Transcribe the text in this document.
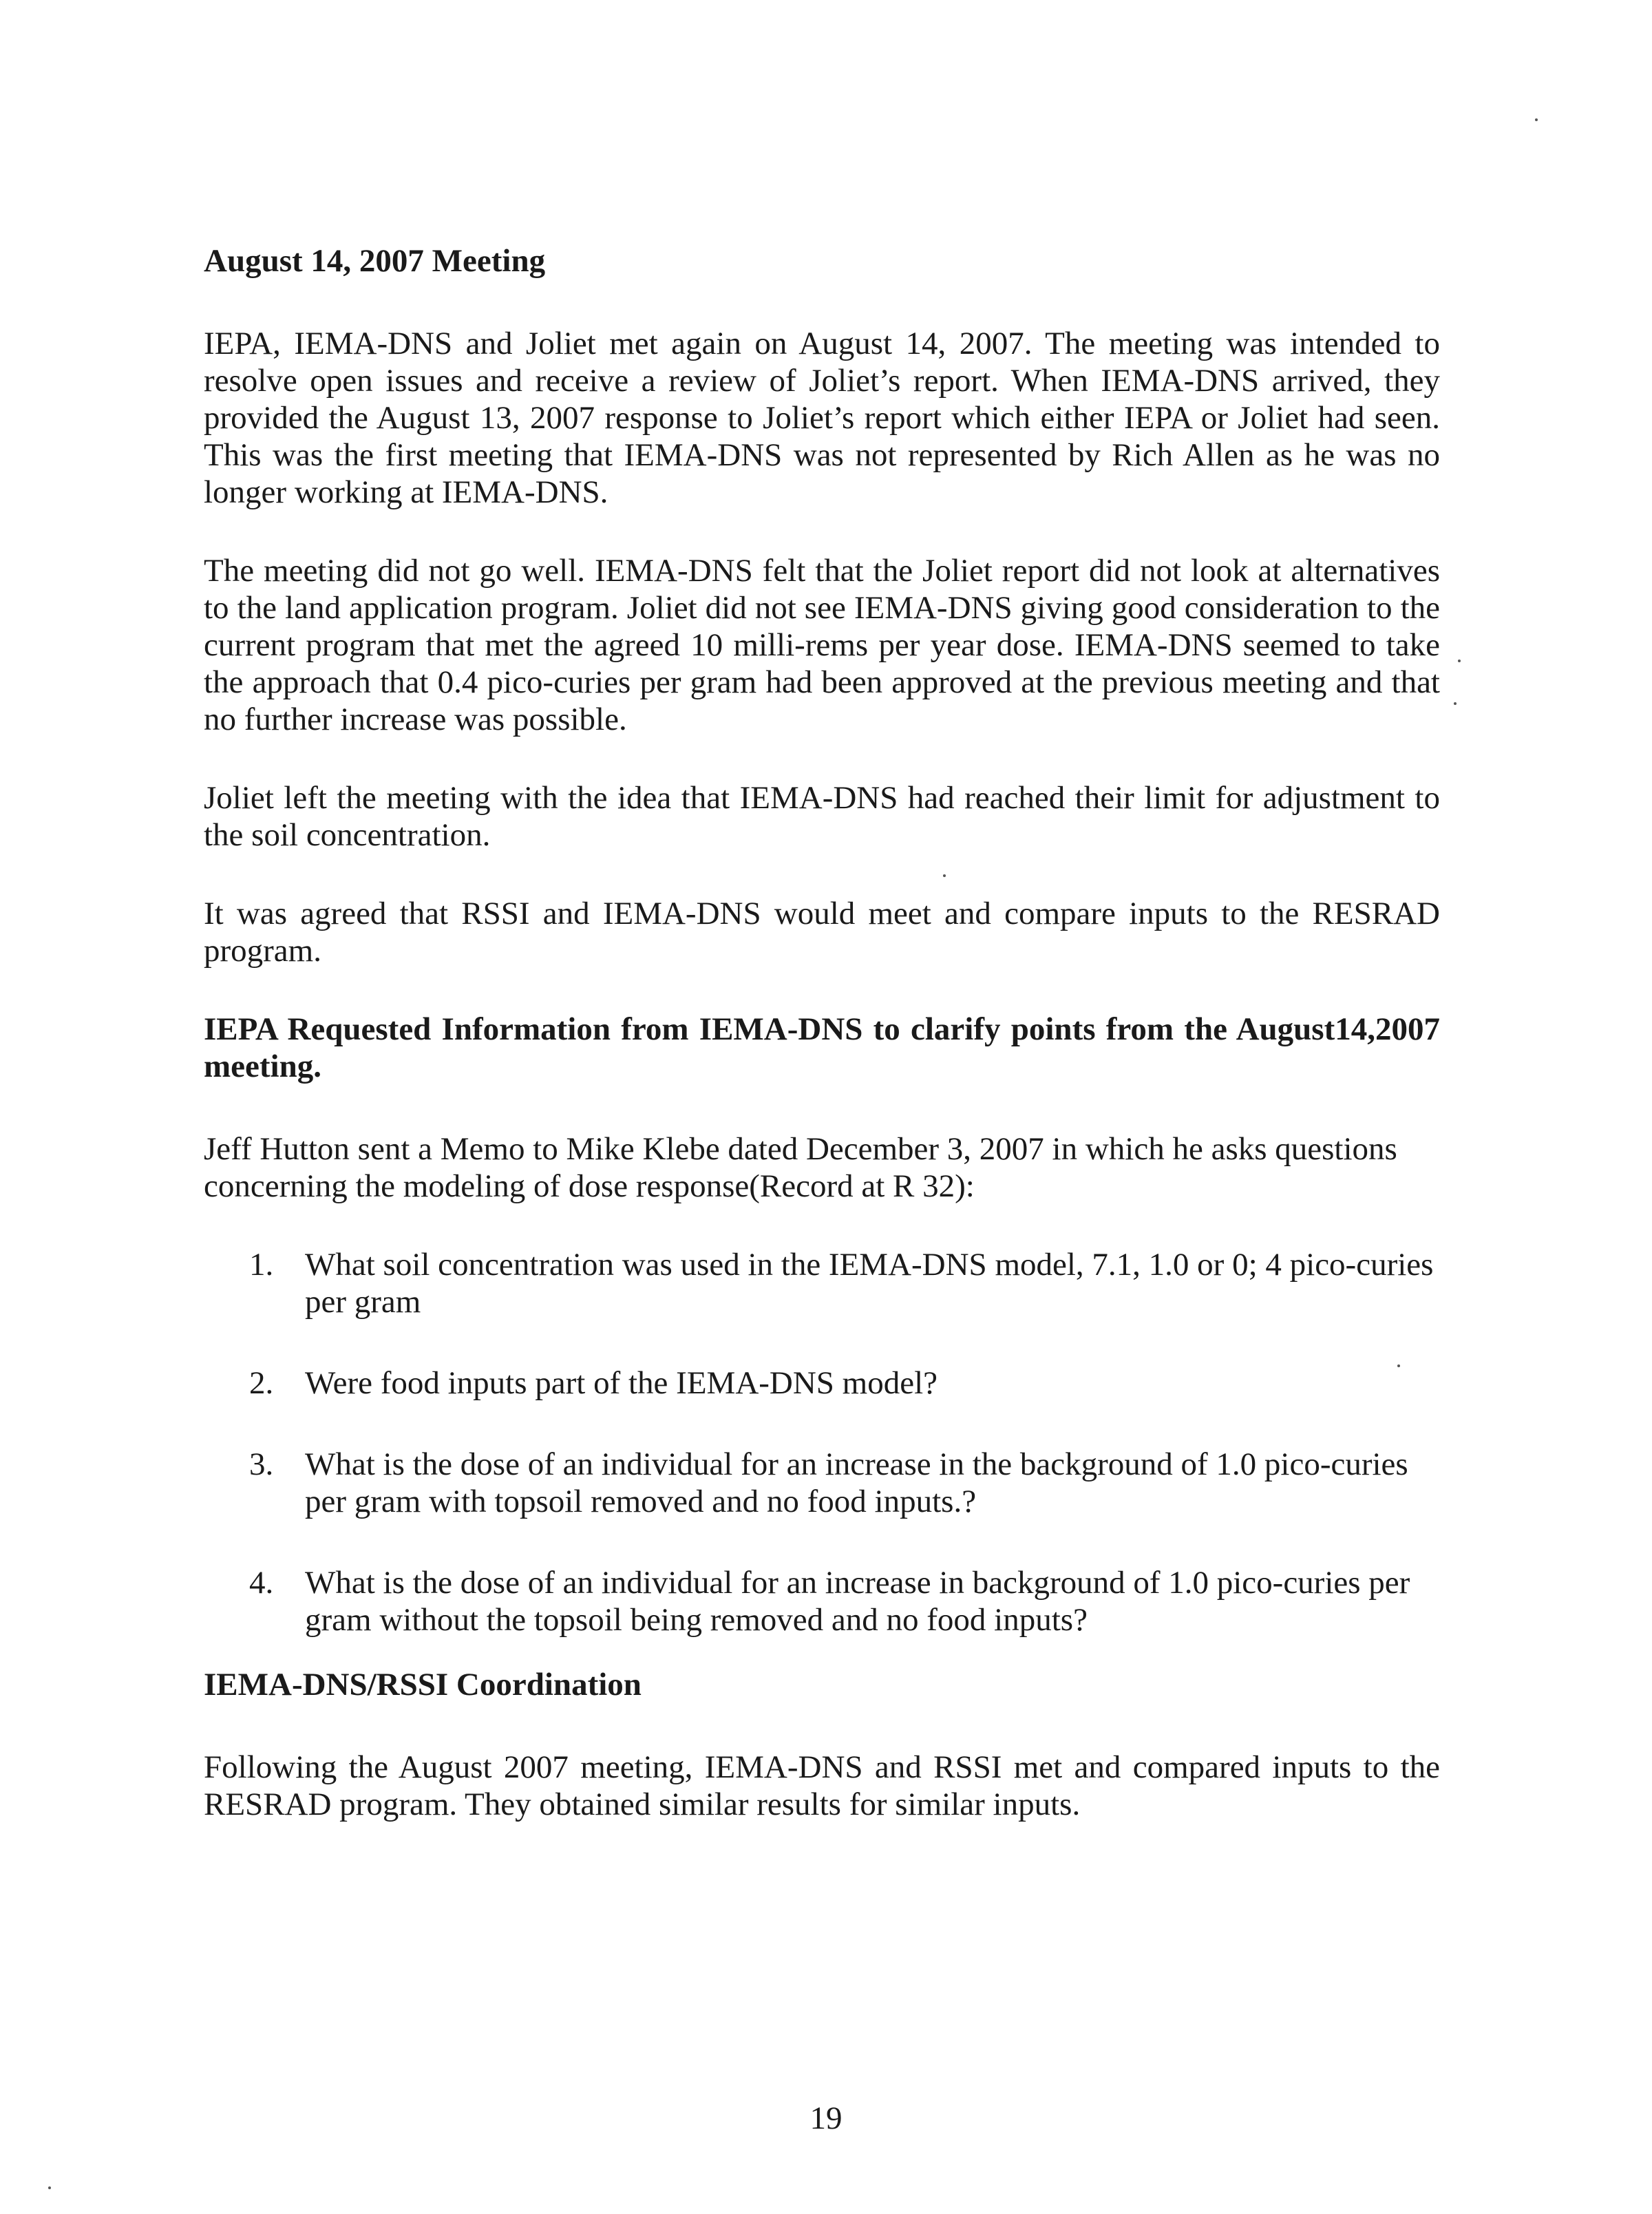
August 14, 2007 Meeting

IEPA, IEMA-DNS and Joliet met again on August 14, 2007. The meeting was intended to resolve open issues and receive a review of Joliet’s report. When IEMA-DNS arrived, they provided the August 13, 2007 response to Joliet’s report which either IEPA or Joliet had seen. This was the first meeting that IEMA-DNS was not represented by Rich Allen as he was no longer working at IEMA-DNS.

The meeting did not go well. IEMA-DNS felt that the Joliet report did not look at alternatives to the land application program. Joliet did not see IEMA-DNS giving good consideration to the current program that met the agreed 10 milli-rems per year dose. IEMA-DNS seemed to take the approach that 0.4 pico-curies per gram had been approved at the previous meeting and that no further increase was possible.

Joliet left the meeting with the idea that IEMA-DNS had reached their limit for adjustment to the soil concentration.

It was agreed that RSSI and IEMA-DNS would meet and compare inputs to the RESRAD program.

IEPA Requested Information from IEMA-DNS to clarify points from the August14,2007 meeting.

Jeff Hutton sent a Memo to Mike Klebe dated December 3, 2007 in which he asks questions concerning the modeling of dose response(Record at R 32):

1. What soil concentration was used in the IEMA-DNS model, 7.1, 1.0 or 0; 4 pico-curies per gram
2. Were food inputs part of the IEMA-DNS model?
3. What is the dose of an individual for an increase in the background of 1.0 pico-curies per gram with topsoil removed and no food inputs.?
4. What is the dose of an individual for an increase in background of 1.0 pico-curies per gram without the topsoil being removed and no food inputs?

IEMA-DNS/RSSI Coordination

Following the August 2007 meeting, IEMA-DNS and RSSI met and compared inputs to the RESRAD program. They obtained similar results for similar inputs.

19
